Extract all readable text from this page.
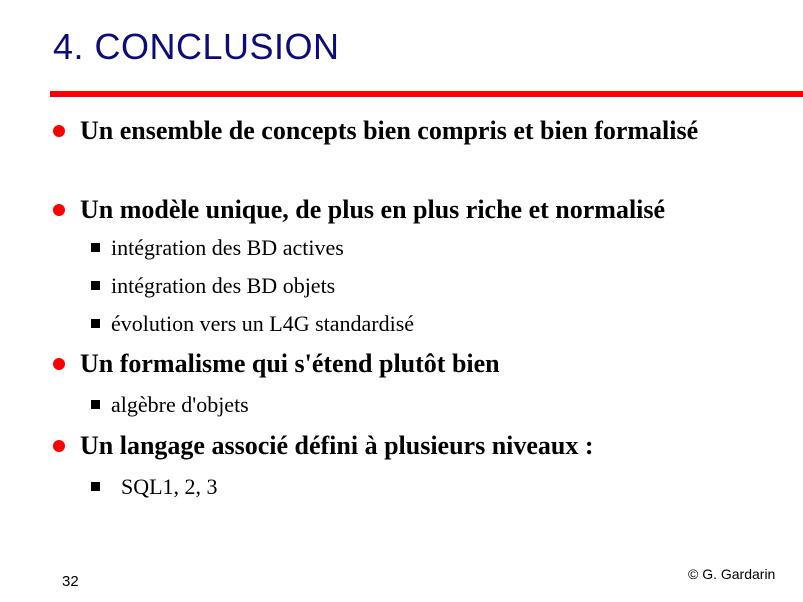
4. CONCLUSION
Un ensemble de concepts bien compris et bien formalisé
Un modèle unique, de plus en plus riche et normalisé
intégration des BD actives
intégration des BD objets
évolution vers un L4G standardisé
Un formalisme qui s'étend plutôt bien
algèbre d'objets
Un langage associé défini à plusieurs niveaux :
SQL1, 2, 3
32	© G. Gardarin
